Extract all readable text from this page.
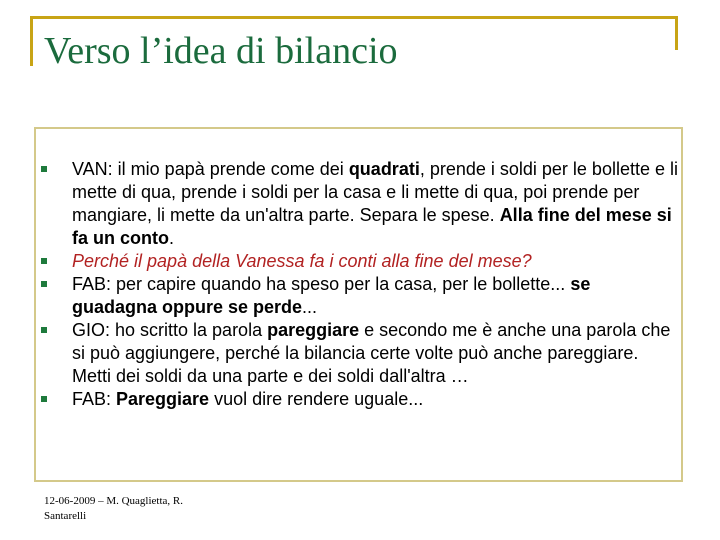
Verso l’idea di bilancio
VAN: il mio papà prende come dei quadrati, prende i soldi per le bollette e li mette di qua, prende i soldi per la casa e li mette di qua, poi prende per mangiare, li mette da un'altra parte. Separa le spese. Alla fine del mese si fa un conto.
Perché il papà della Vanessa fa i conti alla fine del mese?
FAB: per capire quando ha speso per la casa, per le bollette... se guadagna oppure se perde...
GIO: ho scritto la parola pareggiare e secondo me è anche una parola che si può aggiungere, perché la bilancia certe volte può anche pareggiare. Metti dei soldi da una parte e dei soldi dall'altra …
FAB: Pareggiare vuol dire rendere uguale...
12-06-2009 – M. Quaglietta, R. Santarelli
